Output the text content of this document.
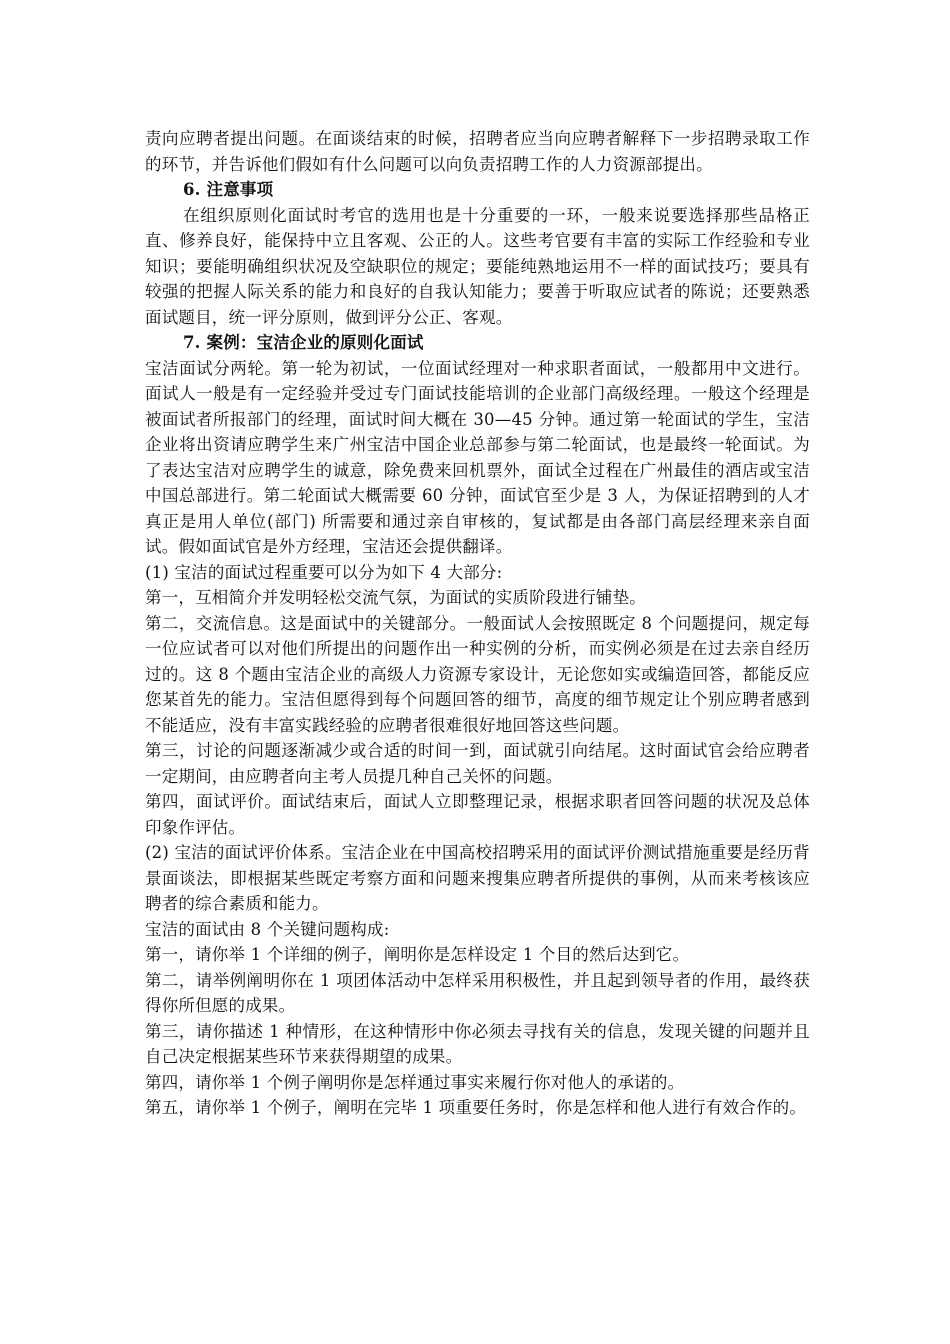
责向应聘者提出问题。在面谈结束的时候，招聘者应当向应聘者解释下一步招聘录取工作的环节，并告诉他们假如有什么问题可以向负责招聘工作的人力资源部提出。

6. 注意事项

在组织原则化面试时考官的选用也是十分重要的一环，一般来说要选择那些品格正直、修养良好，能保持中立且客观、公正的人。这些考官要有丰富的实际工作经验和专业知识；要能明确组织状况及空缺职位的规定；要能纯熟地运用不一样的面试技巧；要具有较强的把握人际关系的能力和良好的自我认知能力；要善于听取应试者的陈说；还要熟悉面试题目，统一评分原则，做到评分公正、客观。

7. 案例：宝洁企业的原则化面试

宝洁面试分两轮。第一轮为初试，一位面试经理对一种求职者面试，一般都用中文进行。面试人一般是有一定经验并受过专门面试技能培训的企业部门高级经理。一般这个经理是被面试者所报部门的经理，面试时间大概在 30—45 分钟。通过第一轮面试的学生，宝洁企业将出资请应聘学生来广州宝洁中国企业总部参与第二轮面试，也是最终一轮面试。为了表达宝洁对应聘学生的诚意，除免费来回机票外，面试全过程在广州最佳的酒店或宝洁中国总部进行。第二轮面试大概需要 60 分钟，面试官至少是 3 人，为保证招聘到的人才真正是用人单位(部门) 所需要和通过亲自审核的，复试都是由各部门高层经理来亲自面试。假如面试官是外方经理，宝洁还会提供翻译。

(1) 宝洁的面试过程重要可以分为如下 4 大部分:

第一，互相简介并发明轻松交流气氛，为面试的实质阶段进行铺垫。

第二，交流信息。这是面试中的关键部分。一般面试人会按照既定 8 个问题提问，规定每一位应试者可以对他们所提出的问题作出一种实例的分析，而实例必须是在过去亲自经历过的。这 8 个题由宝洁企业的高级人力资源专家设计，无论您如实或编造回答，都能反应您某首先的能力。宝洁但愿得到每个问题回答的细节，高度的细节规定让个别应聘者感到不能适应，没有丰富实践经验的应聘者很难很好地回答这些问题。

第三，讨论的问题逐渐减少或合适的时间一到，面试就引向结尾。这时面试官会给应聘者一定期间，由应聘者向主考人员提几种自己关怀的问题。

第四，面试评价。面试结束后，面试人立即整理记录，根据求职者回答问题的状况及总体印象作评估。

(2) 宝洁的面试评价体系。宝洁企业在中国高校招聘采用的面试评价测试措施重要是经历背景面谈法，即根据某些既定考察方面和问题来搜集应聘者所提供的事例，从而来考核该应聘者的综合素质和能力。

宝洁的面试由 8 个关键问题构成:

第一，请你举 1 个详细的例子，阐明你是怎样设定 1 个目的然后达到它。

第二，请举例阐明你在 1 项团体活动中怎样采用积极性，并且起到领导者的作用，最终获得你所但愿的成果。

第三，请你描述 1 种情形，在这种情形中你必须去寻找有关的信息，发现关键的问题并且自己决定根据某些环节来获得期望的成果。

第四，请你举 1 个例子阐明你是怎样通过事实来履行你对他人的承诺的。

第五，请你举 1 个例子，阐明在完毕 1 项重要任务时，你是怎样和他人进行有效合作的。
